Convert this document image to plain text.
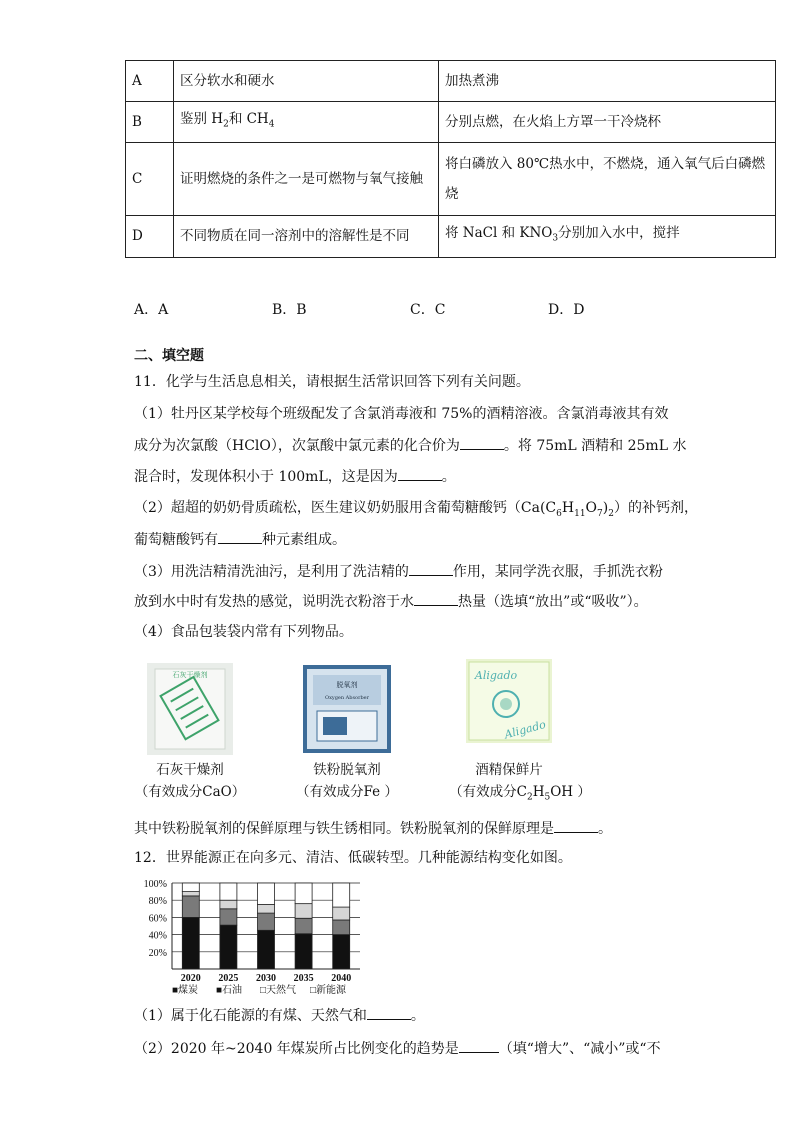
A	区分软水和硬水	加热煮沸
B	鉴别 $H_2$和 $CH_4$	分别点燃，在火焰上方罩一干冷烧杯
C	证明燃烧的条件之一是可燃物与氧气接触	将白磷放入 80℃热水中，不燃烧，通入氧气后白磷燃烧
D	不同物质在同一溶剂中的溶解性是不同	将 NaCl 和 $KNO_3$分别加入水中，搅拌
A．A	B．B	C．C	D．D
二、填空题
11．化学与生活息息相关，请根据生活常识回答下列有关问题。
（1）牡丹区某学校每个班级配发了含氯消毒液和 75%的酒精溶液。含氯消毒液其有效
成分为次氯酸（HClO），次氯酸中氯元素的化合价为	。将 75mL 酒精和 25mL 水
混合时，发现体积小于 100mL，这是因为	。
（2）超超的奶奶骨质疏松，医生建议奶奶服用含葡萄糖酸钙$(Ca(C_6H_{11}O_7)_2)$的补钙剂，
葡萄糖酸钙有	种元素组成。
（3）用洗洁精清洗油污，是利用了洗洁精的	作用，某同学洗衣服，手抓洗衣粉
放到水中时有发热的感觉，说明洗衣粉溶于水	热量（选填“放出”或“吸收”）。
（4）食品包装袋内常有下列物品。
石灰干燥剂
脱氧剂
Oxygen Absorber
Aligado
Aligado
石灰干燥剂
（有效成分CaO）
铁粉脱氧剂
（有效成分Fe ）
酒精保鲜片
（有效成分$C_2H_5OH$ ）
其中铁粉脱氧剂的保鲜原理与铁生锈相同。铁粉脱氧剂的保鲜原理是	。
12．世界能源正在向多元、清洁、低碳转型。几种能源结构变化如图。
100%
80%
60%
40%
20%
2020 2025 2030 2035 2040
■煤炭 ■石油 □天然气 □新能源
（1）属于化石能源的有煤、天然气和	。
（2）2020 年~2040 年煤炭所占比例变化的趋势是	（填“增大”、“减小”或“不
